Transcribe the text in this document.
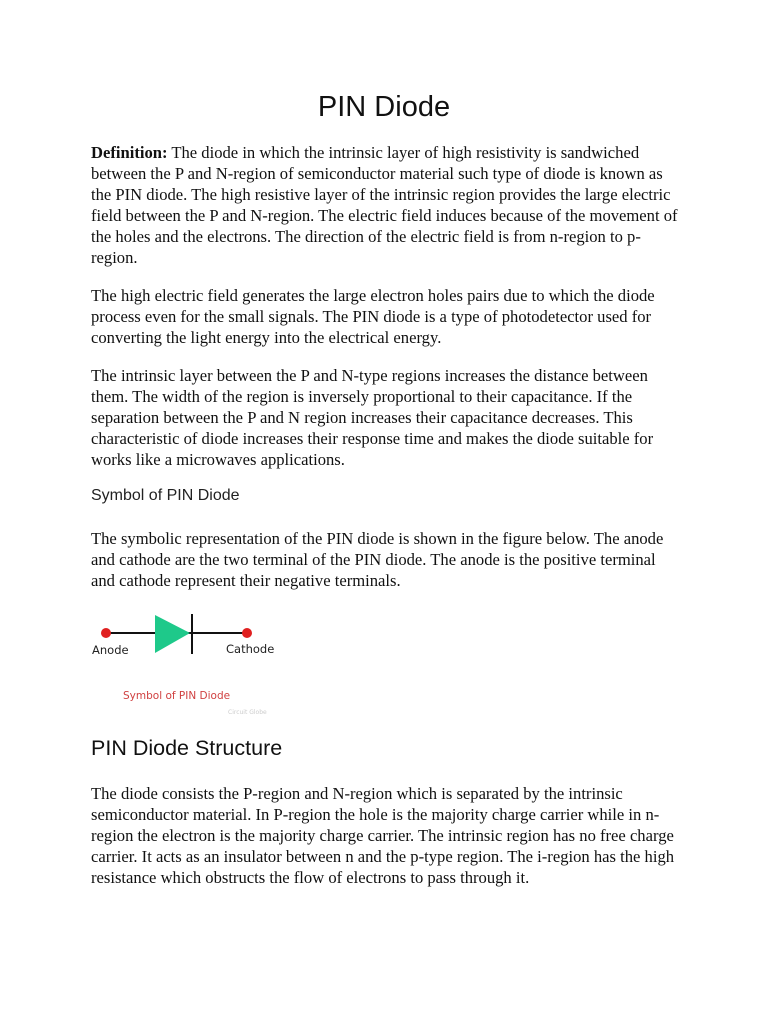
PIN Diode

Definition: The diode in which the intrinsic layer of high resistivity is sandwiched between the P and N-region of semiconductor material such type of diode is known as the PIN diode. The high resistive layer of the intrinsic region provides the large electric field between the P and N-region. The electric field induces because of the movement of the holes and the electrons. The direction of the electric field is from n-region to p-region.

The high electric field generates the large electron holes pairs due to which the diode process even for the small signals. The PIN diode is a type of photodetector used for converting the light energy into the electrical energy.

The intrinsic layer between the P and N-type regions increases the distance between them. The width of the region is inversely proportional to their capacitance. If the separation between the P and N region increases their capacitance decreases. This characteristic of diode increases their response time and makes the diode suitable for works like a microwaves applications.

Symbol of PIN Diode

The symbolic representation of the PIN diode is shown in the figure below. The anode and cathode are the two terminal of the PIN diode. The anode is the positive terminal and cathode represent their negative terminals.

Anode	Cathode
Symbol of PIN Diode
Circuit Globe
PIN Diode Structure

The diode consists the P-region and N-region which is separated by the intrinsic semiconductor material. In P-region the hole is the majority charge carrier while in n-region the electron is the majority charge carrier. The intrinsic region has no free charge carrier. It acts as an insulator between n and the p-type region. The i-region has the high resistance which obstructs the flow of electrons to pass through it.
